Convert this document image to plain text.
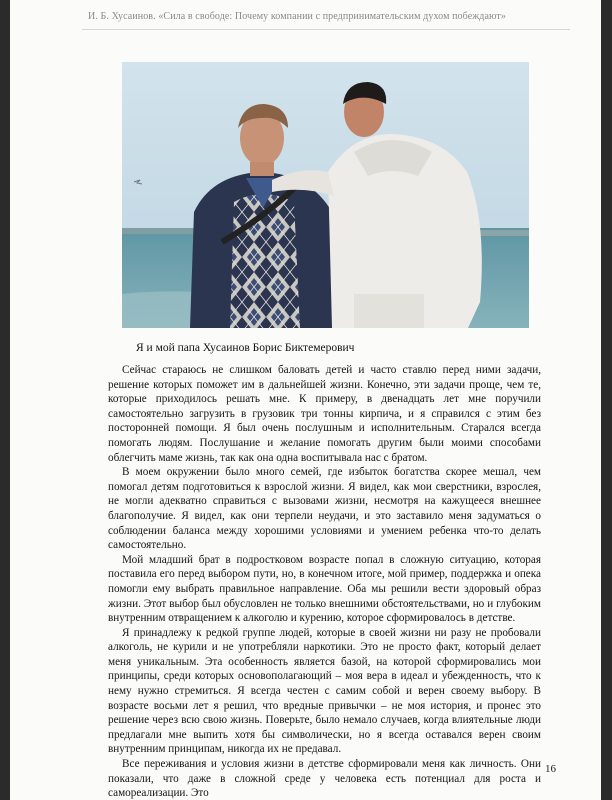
И. Б. Хусаинов. «Сила в свободе: Почему компании с предпринимательским духом побеждают»
Я и мой папа Хусаинов Борис Биктемерович

Сейчас стараюсь не слишком баловать детей и часто ставлю перед ними задачи, решение которых поможет им в дальнейшей жизни. Конечно, эти задачи проще, чем те, которые приходилось решать мне. К примеру, в двенадцать лет мне поручили самостоятельно загрузить в грузовик три тонны кирпича, и я справился с этим без посторонней помощи. Я был очень послушным и исполнительным. Старался всегда помогать людям. Послушание и желание помогать другим были моими способами облегчить маме жизнь, так как она одна воспитывала нас с братом.

В моем окружении было много семей, где избыток богатства скорее мешал, чем помогал детям подготовиться к взрослой жизни. Я видел, как мои сверстники, взрослея, не могли адекватно справиться с вызовами жизни, несмотря на кажущееся внешнее благополучие. Я видел, как они терпели неудачи, и это заставило меня задуматься о соблюдении баланса между хорошими условиями и умением ребенка что-то делать самостоятельно.

Мой младший брат в подростковом возрасте попал в сложную ситуацию, которая поставила его перед выбором пути, но, в конечном итоге, мой пример, поддержка и опека помогли ему выбрать правильное направление. Оба мы решили вести здоровый образ жизни. Этот выбор был обусловлен не только внешними обстоятельствами, но и глубоким внутренним отвращением к алкоголю и курению, которое сформировалось в детстве.

Я принадлежу к редкой группе людей, которые в своей жизни ни разу не пробовали алкоголь, не курили и не употребляли наркотики. Это не просто факт, который делает меня уникальным. Эта особенность является базой, на которой сформировались мои принципы, среди которых основополагающий – моя вера в идеал и убежденность, что к нему нужно стремиться. Я всегда честен с самим собой и верен своему выбору. В возрасте восьми лет я решил, что вредные привычки – не моя история, и пронес это решение через всю свою жизнь. Поверьте, было немало случаев, когда влиятельные люди предлагали мне выпить хотя бы символически, но я всегда оставался верен своим внутренним принципам, никогда их не предавал.

Все переживания и условия жизни в детстве сформировали меня как личность. Они показали, что даже в сложной среде у человека есть потенциал для роста и самореализации. Это

16
